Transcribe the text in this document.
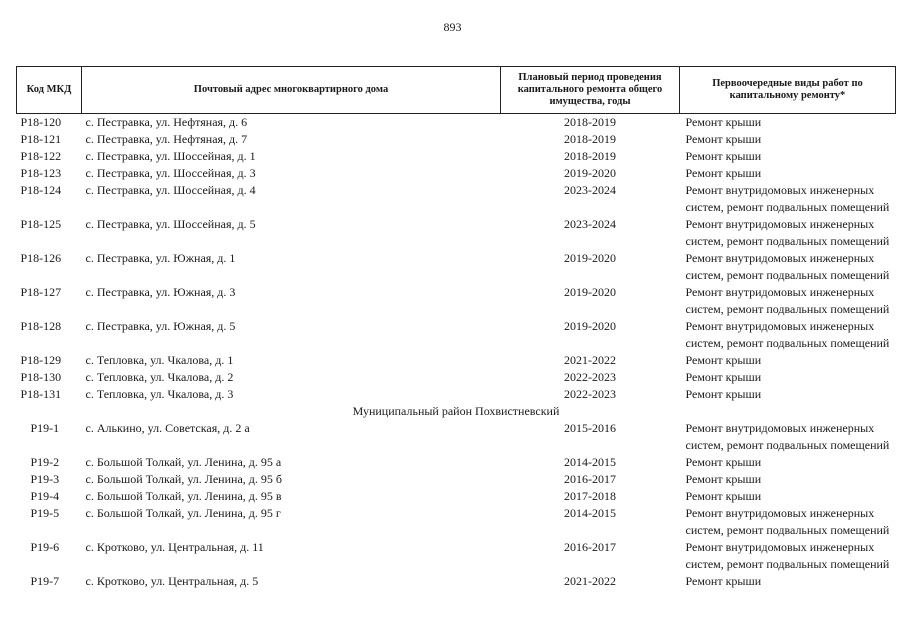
893
Код МКД	Почтовый адрес многоквартирного дома	Плановый период проведения капитального ремонта общего имущества, годы	Первоочередные виды работ по капитальному ремонту*
P18-120	с. Пестравка, ул. Нефтяная, д. 6	2018-2019	Ремонт крыши
P18-121	с. Пестравка, ул. Нефтяная, д. 7	2018-2019	Ремонт крыши
P18-122	с. Пестравка, ул. Шоссейная, д. 1	2018-2019	Ремонт крыши
P18-123	с. Пестравка, ул. Шоссейная, д. 3	2019-2020	Ремонт крыши
P18-124	с. Пестравка, ул. Шоссейная, д. 4	2023-2024	Ремонт внутридомовых инженерных систем, ремонт подвальных помещений
P18-125	с. Пестравка, ул. Шоссейная, д. 5	2023-2024	Ремонт внутридомовых инженерных систем, ремонт подвальных помещений
P18-126	с. Пестравка, ул. Южная, д. 1	2019-2020	Ремонт внутридомовых инженерных систем, ремонт подвальных помещений
P18-127	с. Пестравка, ул. Южная, д. 3	2019-2020	Ремонт внутридомовых инженерных систем, ремонт подвальных помещений
P18-128	с. Пестравка, ул. Южная, д. 5	2019-2020	Ремонт внутридомовых инженерных систем, ремонт подвальных помещений
P18-129	с. Тепловка, ул. Чкалова, д. 1	2021-2022	Ремонт крыши
P18-130	с. Тепловка, ул. Чкалова, д. 2	2022-2023	Ремонт крыши
P18-131	с. Тепловка, ул. Чкалова, д. 3	2022-2023	Ремонт крыши
Муниципальный район Похвистневский			
P19-1	с. Алькино, ул. Советская, д. 2 а	2015-2016	Ремонт внутридомовых инженерных систем, ремонт подвальных помещений
P19-2	с. Большой Толкай, ул. Ленина, д. 95 а	2014-2015	Ремонт крыши
P19-3	с. Большой Толкай, ул. Ленина, д. 95 б	2016-2017	Ремонт крыши
P19-4	с. Большой Толкай, ул. Ленина, д. 95 в	2017-2018	Ремонт крыши
P19-5	с. Большой Толкай, ул. Ленина, д. 95 г	2014-2015	Ремонт внутридомовых инженерных систем, ремонт подвальных помещений
P19-6	с. Кротково, ул. Центральная, д. 11	2016-2017	Ремонт внутридомовых инженерных систем, ремонт подвальных помещений
P19-7	с. Кротково, ул. Центральная, д. 5	2021-2022	Ремонт крыши
